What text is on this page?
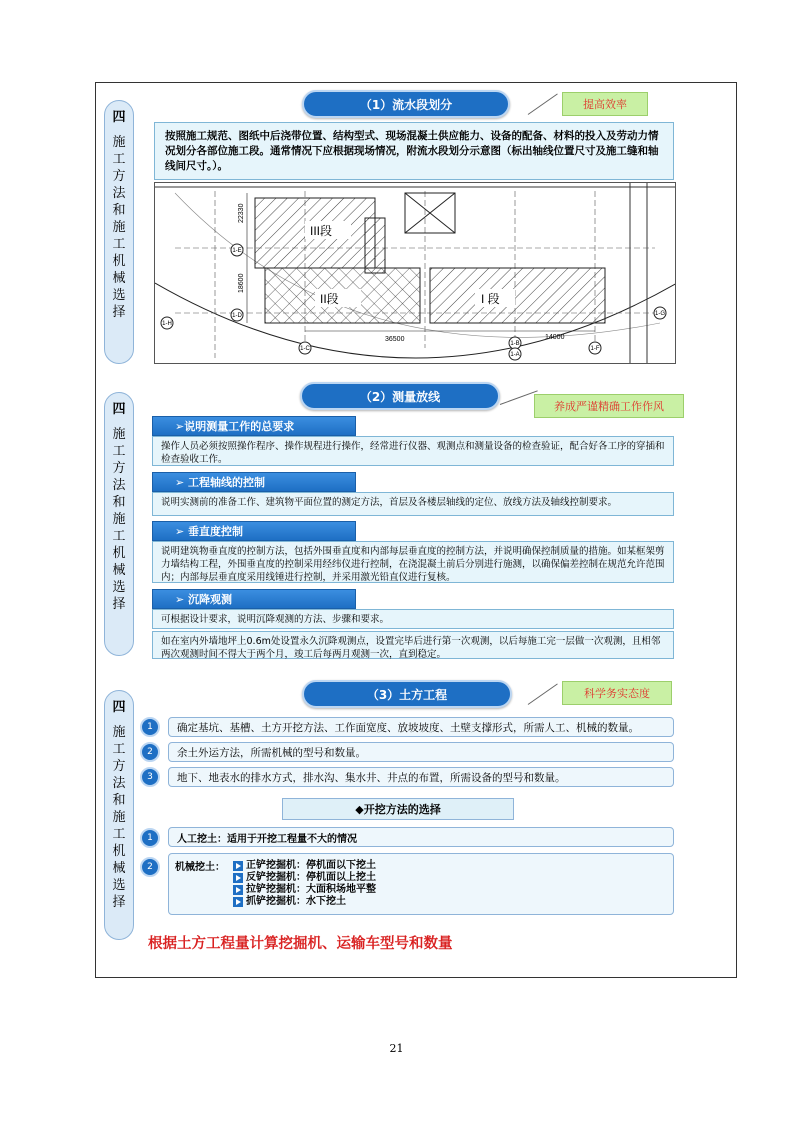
四
施
工
方
法
和
施
工
机
械
选
择
（1）流水段划分	提高效率
按照施工规范、图纸中后浇带位置、结构型式、现场混凝土供应能力、设备的配备、材料的投入及劳动力情况划分各部位施工段。通常情况下应根据现场情况，附流水段划分示意图（标出轴线位置尺寸及施工缝和轴线间尺寸。）。
III段
II段	I 段
22330
18600
36500	14000
1-E
1-D
1-C
1-B
1-A
1-F
1-G
1-H
四
施
工
方
法
和
施
工
机
械
选
择
（2）测量放线
养成严谨精确工作作风
➢说明测量工作的总要求
操作人员必须按照操作程序、操作规程进行操作，经常进行仪器、观测点和测量设备的检查验证，配合好各工序的穿插和检查验收工作。
➢ 工程轴线的控制
说明实测前的准备工作、建筑物平面位置的测定方法，首层及各楼层轴线的定位、放线方法及轴线控制要求。
➢ 垂直度控制
说明建筑物垂直度的控制方法，包括外围垂直度和内部每层垂直度的控制方法，并说明确保控制质量的措施。如某框架剪力墙结构工程，外围垂直度的控制采用经纬仪进行控制，在浇混凝土前后分别进行施测，以确保偏差控制在规范允许范围内；内部每层垂直度采用线锤进行控制，并采用激光铅直仪进行复核。
➢ 沉降观测
可根据设计要求，说明沉降观测的方法、步骤和要求。
如在室内外墙地坪上0.6m处设置永久沉降观测点，设置完毕后进行第一次观测，以后每施工完一层做一次观测，且相邻两次观测时间不得大于两个月，竣工后每两月观测一次，直到稳定。
四
施
工
方
法
和
施
工
机
械
选
择
（3）土方工程	科学务实态度
1	确定基坑、基槽、土方开挖方法、工作面宽度、放坡坡度、土壁支撑形式，所需人工、机械的数量。
2	余土外运方法，所需机械的型号和数量。
3	地下、地表水的排水方式，排水沟、集水井、井点的布置，所需设备的型号和数量。
◆开挖方法的选择
1	人工挖土：适用于开挖工程量不大的情况
2	机械挖土： 正铲挖掘机：停机面以下挖土
反铲挖掘机：停机面以上挖土
拉铲挖掘机：大面积场地平整
抓铲挖掘机：水下挖土
根据土方工程量计算挖掘机、运输车型号和数量
21
